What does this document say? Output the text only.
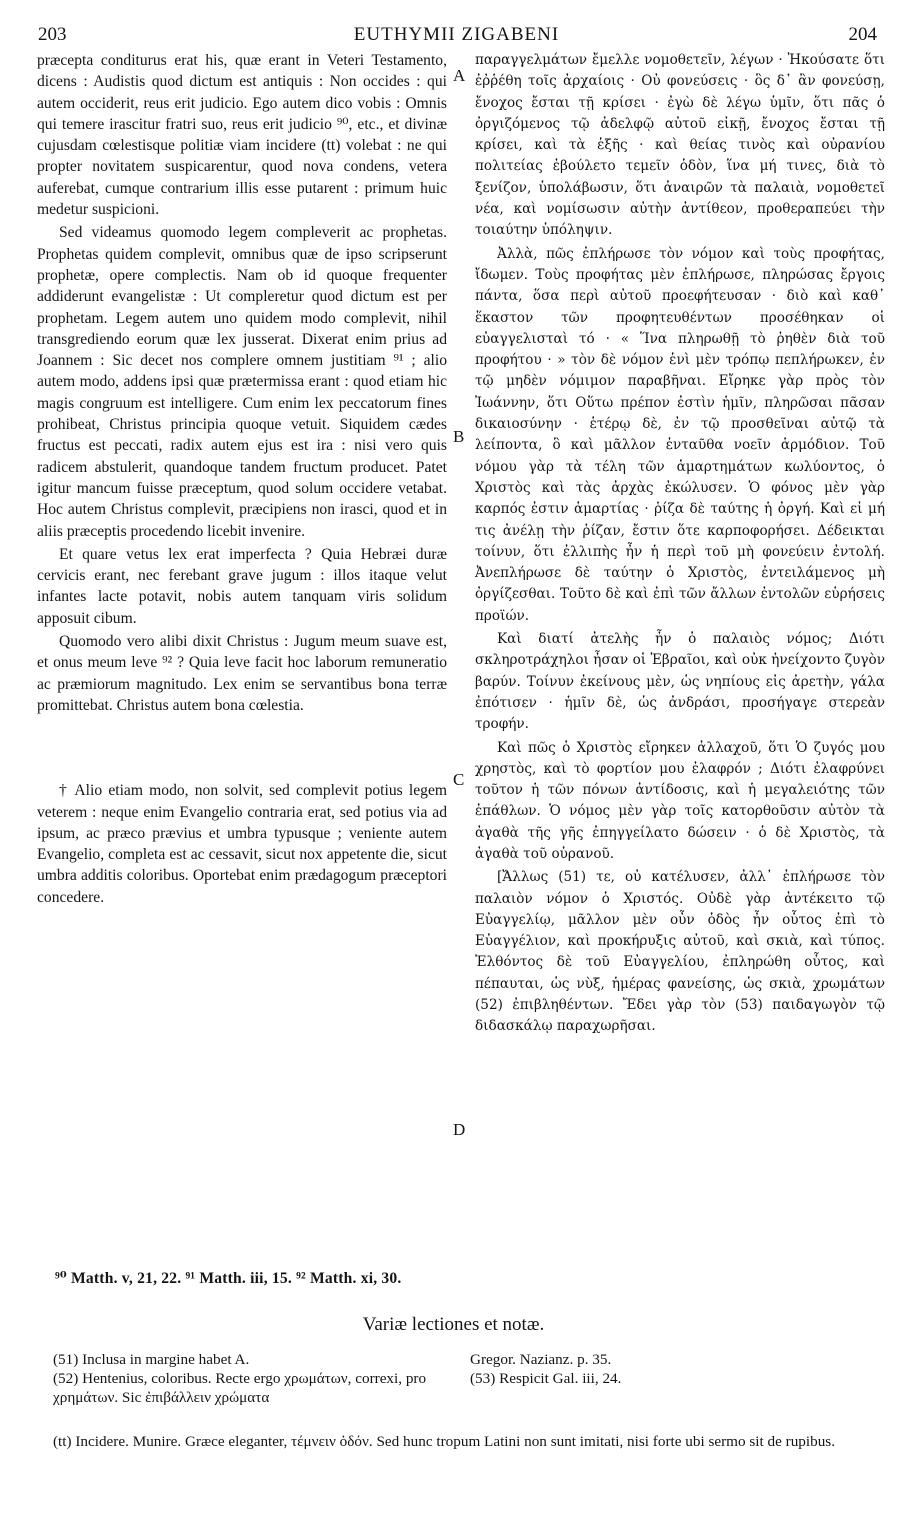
203	EUTHYMII ZIGABENI	204

præcepta conditurus erat his, quæ erant in Veteri Testamento, dicens : Audistis quod dictum est antiquis : Non occides : qui autem occiderit, reus erit judicio. Ego autem dico vobis : Omnis qui temere irascitur fratri suo, reus erit judicio ⁹⁰, etc., et divinæ cujusdam cœlestisque politiæ viam incidere (tt) volebat : ne qui propter novitatem suspicarentur, quod nova condens, vetera auferebat, cumque contrarium illis esse putarent : primum huic medetur suspicioni.

Sed videamus quomodo legem compleverit ac prophetas. Prophetas quidem complevit, omnibus quæ de ipso scripserunt prophetæ, opere complectis. Nam ob id quoque frequenter addiderunt evangelistæ : Ut compleretur quod dictum est per prophetam. Legem autem uno quidem modo complevit, nihil transgrediendo eorum quæ lex jusserat. Dixerat enim prius ad Joannem : Sic decet nos complere omnem justitiam ⁹¹ ; alio autem modo, addens ipsi quæ prætermissa erant : quod etiam hic magis congruum est intelligere. Cum enim lex peccatorum fines prohibeat, Christus principia quoque vetuit. Siquidem cædes fructus est peccati, radix autem ejus est ira : nisi vero quis radicem abstulerit, quandoque tandem fructum producet. Patet igitur mancum fuisse præceptum, quod solum occidere vetabat. Hoc autem Christus complevit, præcipiens non irasci, quod et in aliis præceptis procedendo licebit invenire.

Et quare vetus lex erat imperfecta ? Quia Hebræi duræ cervicis erant, nec ferebant grave jugum : illos itaque velut infantes lacte potavit, nobis autem tanquam viris solidum apposuit cibum.

Quomodo vero alibi dixit Christus : Jugum meum suave est, et onus meum leve ⁹² ? Quia leve facit hoc laborum remuneratio ac præmiorum magnitudo. Lex enim se servantibus bona terræ promittebat. Christus autem bona cœlestia.

† Alio etiam modo, non solvit, sed complevit potius legem veterem : neque enim Evangelio contraria erat, sed potius via ad ipsum, ac præco prævius et umbra typusque ; veniente autem Evangelio, completa est ac cessavit, sicut nox appetente die, sicut umbra additis coloribus. Oportebat enim prædagogum præceptori concedere.

A
B
C
D

παραγγελμάτων ἔμελλε νομοθετεῖν, λέγων · Ἠκούσατε ὅτι ἐῤῥέθη τοῖς ἀρχαίοις · Οὐ φονεύσεις · ὃς δ᾽ ἂν φονεύσῃ, ἔνοχος ἔσται τῇ κρίσει · ἐγὼ δὲ λέγω ὑμῖν, ὅτι πᾶς ὁ ὀργιζόμενος τῷ ἀδελφῷ αὐτοῦ εἰκῇ, ἔνοχος ἔσται τῇ κρίσει, καὶ τὰ ἑξῆς · καὶ θείας τινὸς καὶ οὐρανίου πολιτείας ἐβούλετο τεμεῖν ὁδὸν, ἵνα μή τινες, διὰ τὸ ξενίζον, ὑπολάβωσιν, ὅτι ἀναιρῶν τὰ παλαιὰ, νομοθετεῖ νέα, καὶ νομίσωσιν αὐτὴν ἀντίθεον, προθεραπεύει τὴν τοιαύτην ὑπόληψιν.

Ἀλλὰ, πῶς ἐπλήρωσε τὸν νόμον καὶ τοὺς προφήτας, ἴδωμεν. Τοὺς προφήτας μὲν ἐπλήρωσε, πληρώσας ἔργοις πάντα, ὅσα περὶ αὐτοῦ προεφήτευσαν · διὸ καὶ καθ᾽ ἕκαστον τῶν προφητευθέντων προσέθηκαν οἱ εὐαγγελισταὶ τό · « Ἵνα πληρωθῇ τὸ ῥηθὲν διὰ τοῦ προφήτου · » τὸν δὲ νόμον ἑνὶ μὲν τρόπῳ πεπλήρωκεν, ἐν τῷ μηδὲν νόμιμον παραβῆναι. Εἴρηκε γὰρ πρὸς τὸν Ἰωάννην, ὅτι Οὕτω πρέπον ἐστὶν ἡμῖν, πληρῶσαι πᾶσαν δικαιοσύνην · ἑτέρῳ δὲ, ἐν τῷ προσθεῖναι αὐτῷ τὰ λείποντα, ὃ καὶ μᾶλλον ἐνταῦθα νοεῖν ἁρμόδιον. Τοῦ νόμου γὰρ τὰ τέλη τῶν ἁμαρτημάτων κωλύοντος, ὁ Χριστὸς καὶ τὰς ἀρχὰς ἐκώλυσεν. Ὁ φόνος μὲν γὰρ καρπός ἐστιν ἁμαρτίας · ῥίζα δὲ ταύτης ἡ ὀργή. Καὶ εἰ μή τις ἀνέλῃ τὴν ῥίζαν, ἔστιν ὅτε καρποφορήσει. Δέδεικται τοίνυν, ὅτι ἐλλιπὴς ἦν ἡ περὶ τοῦ μὴ φονεύειν ἐντολή. Ἀνεπλήρωσε δὲ ταύτην ὁ Χριστὸς, ἐντειλάμενος μὴ ὀργίζεσθαι. Τοῦτο δὲ καὶ ἐπὶ τῶν ἄλλων ἐντολῶν εὑρήσεις προϊών.

Καὶ διατί ἀτελὴς ἦν ὁ παλαιὸς νόμος; Διότι σκληροτράχηλοι ἦσαν οἱ Ἑβραῖοι, καὶ οὐκ ἠνείχοντο ζυγὸν βαρύν. Τοίνυν ἐκείνους μὲν, ὡς νηπίους εἰς ἀρετὴν, γάλα ἐπότισεν · ἡμῖν δὲ, ὡς ἀνδράσι, προσήγαγε στερεὰν τροφήν.

Καὶ πῶς ὁ Χριστὸς εἴρηκεν ἀλλαχοῦ, ὅτι Ὁ ζυγός μου χρηστὸς, καὶ τὸ φορτίον μου ἐλαφρόν ; Διότι ἐλαφρύνει τοῦτον ἡ τῶν πόνων ἀντίδοσις, καὶ ἡ μεγαλειότης τῶν ἐπάθλων. Ὁ νόμος μὲν γὰρ τοῖς κατορθοῦσιν αὐτὸν τὰ ἀγαθὰ τῆς γῆς ἐπηγγείλατο δώσειν · ὁ δὲ Χριστὸς, τὰ ἀγαθὰ τοῦ οὐρανοῦ.

[Ἄλλως (51) τε, οὐ κατέλυσεν, ἀλλ᾽ ἐπλήρωσε τὸν παλαιὸν νόμον ὁ Χριστός. Οὐδὲ γὰρ ἀντέκειτο τῷ Εὐαγγελίῳ, μᾶλλον μὲν οὖν ὁδὸς ἦν οὗτος ἐπὶ τὸ Εὐαγγέλιον, καὶ προκήρυξις αὐτοῦ, καὶ σκιὰ, καὶ τύπος. Ἐλθόντος δὲ τοῦ Εὐαγγελίου, ἐπληρώθη οὗτος, καὶ πέπαυται, ὡς νὺξ, ἡμέρας φανείσης, ὡς σκιὰ, χρωμάτων (52) ἐπιβληθέντων. Ἔδει γὰρ τὸν (53) παιδαγωγὸν τῷ διδασκάλῳ παραχωρῆσαι.

⁹⁰ Matth. v, 21, 22. ⁹¹ Matth. iii, 15. ⁹² Matth. xi, 30.
Variæ lectiones et notæ.
(51) Inclusa in margine habet A.
(52) Hentenius, coloribus. Recte ergo χρωμάτων, correxi, pro χρημάτων. Sic ἐπιβάλλειν χρώματα
Gregor. Nazianz. p. 35.
(53) Respicit Gal. iii, 24.
(tt) Incidere. Munire. Græce eleganter, τέμνειν ὁδόν. Sed hunc tropum Latini non sunt imitati, nisi forte ubi sermo sit de rupibus.
